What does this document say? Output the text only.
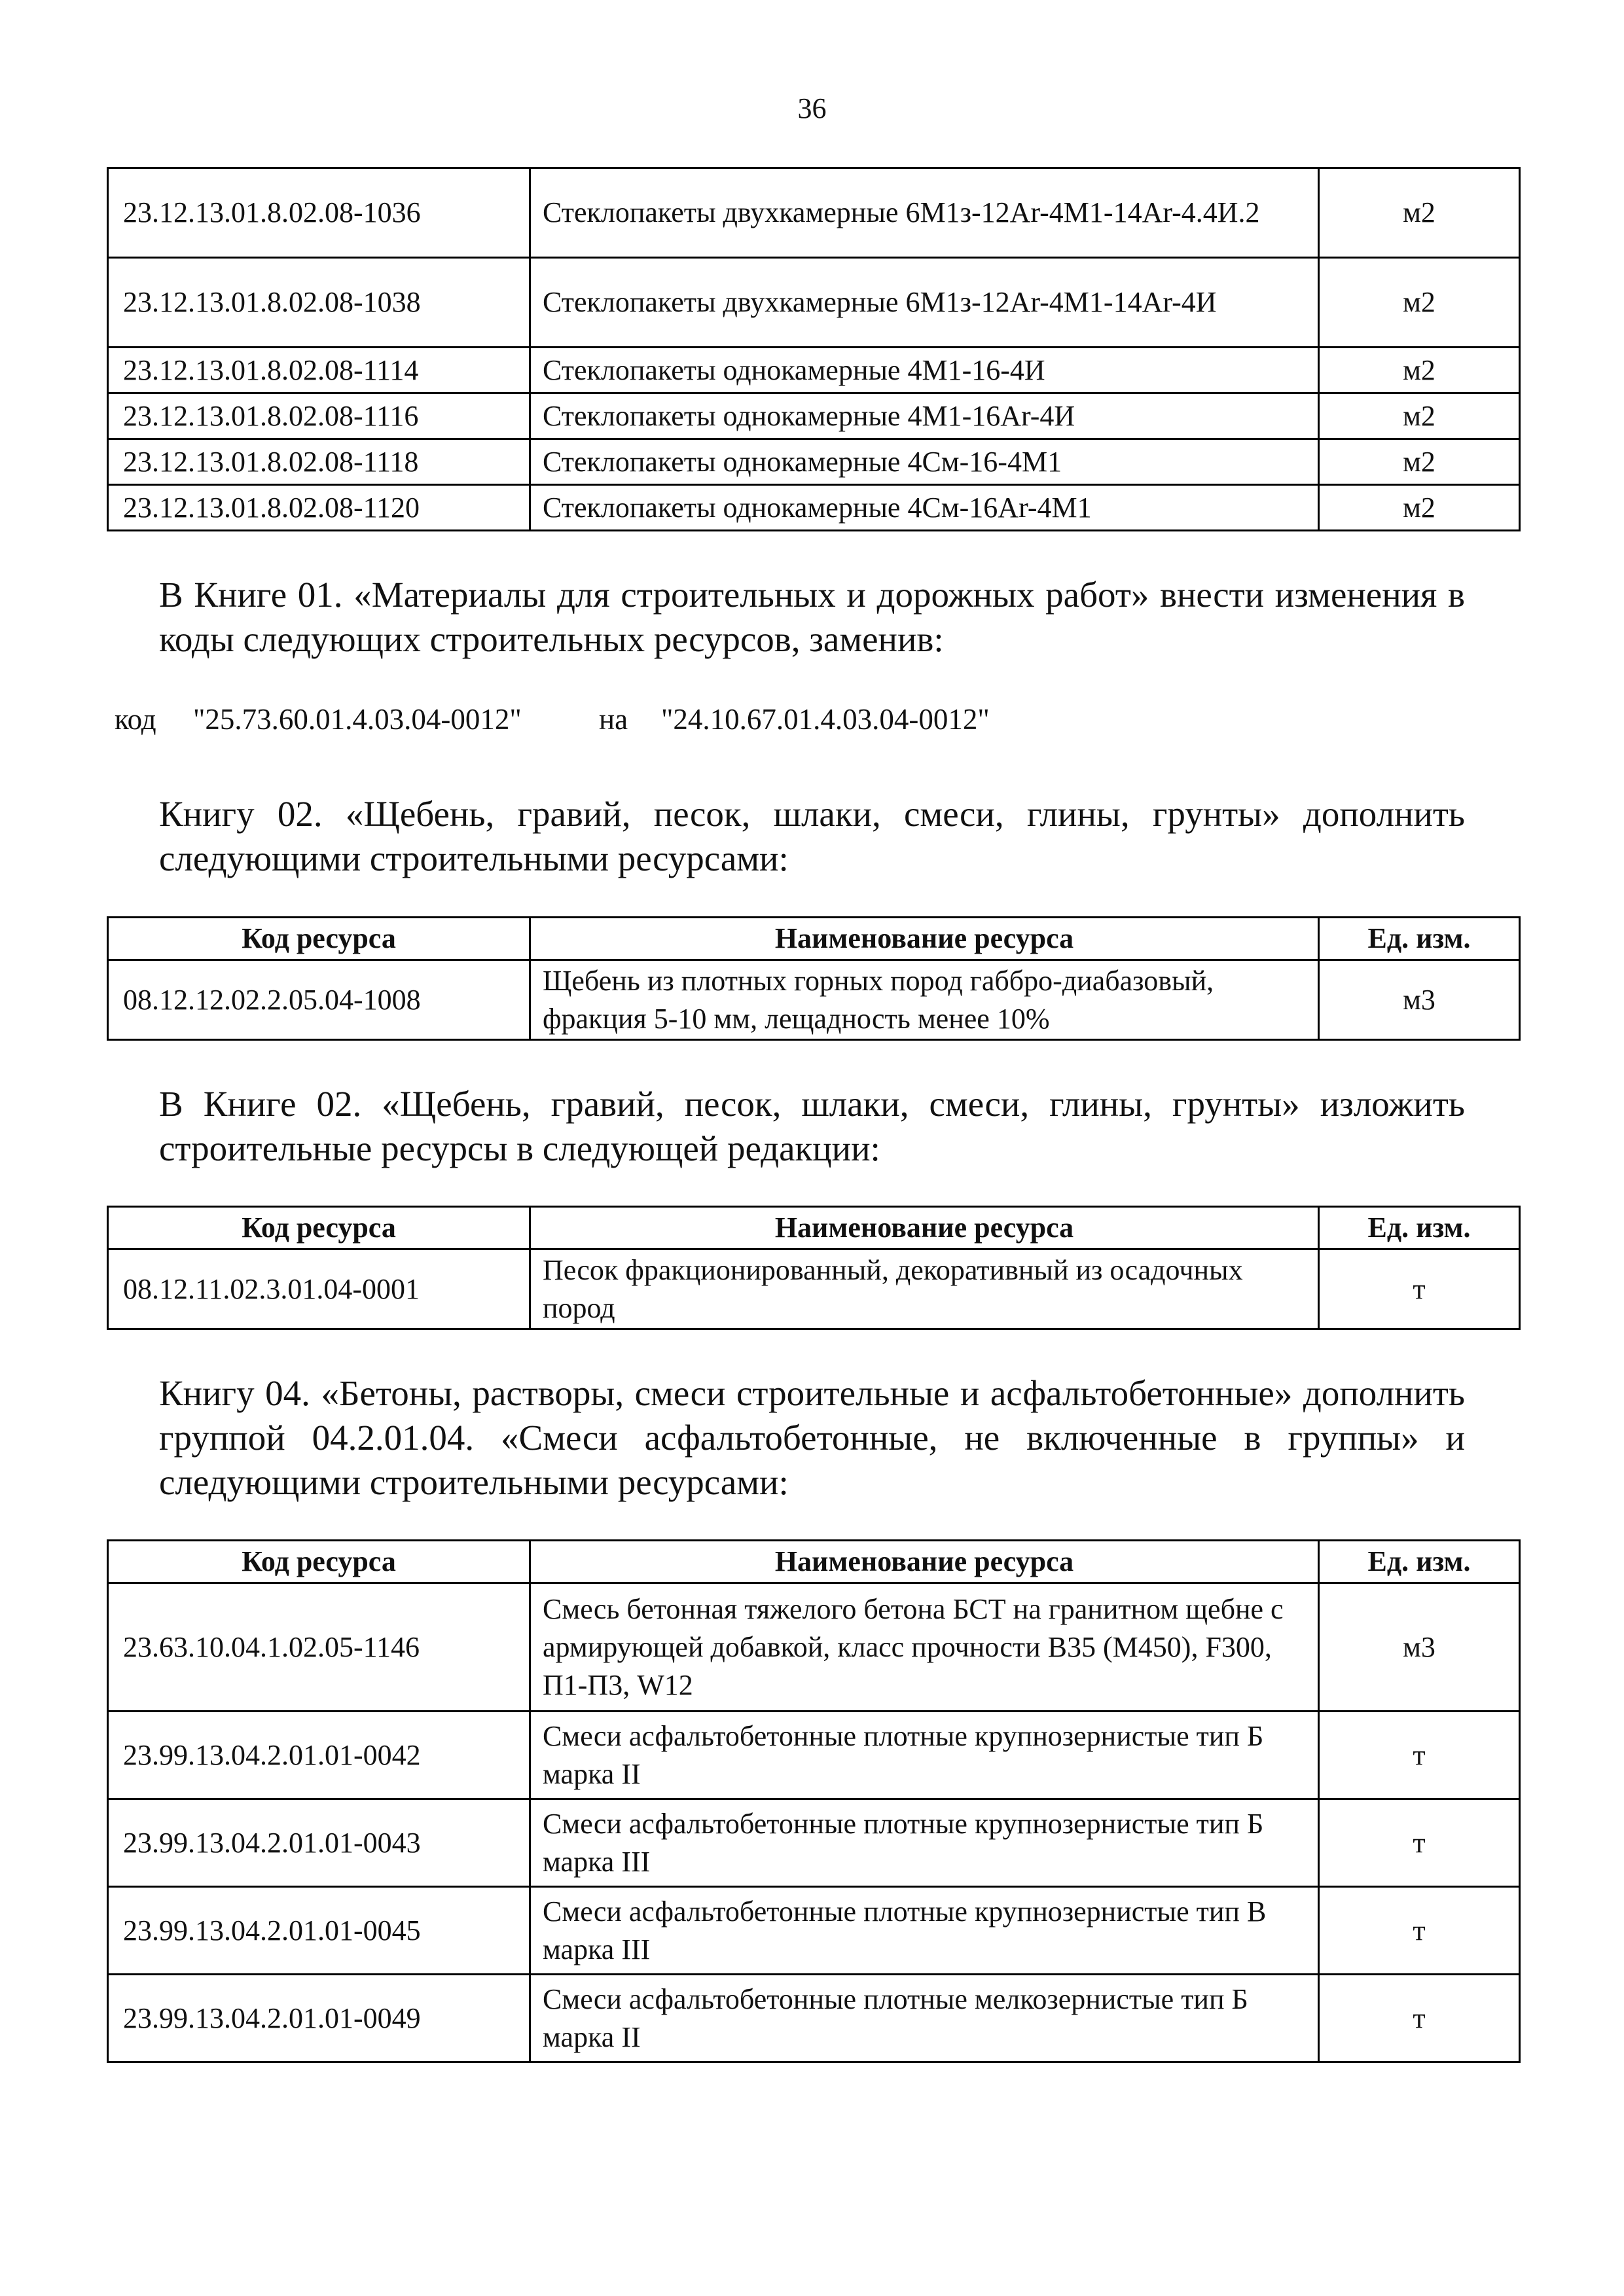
36
23.12.13.01.8.02.08-1036	Стеклопакеты двухкамерные 6М1з-12Аr-4М1-14Аr-4.4И.2	м2
23.12.13.01.8.02.08-1038	Стеклопакеты двухкамерные 6М1з-12Аr-4М1-14Аr-4И	м2
23.12.13.01.8.02.08-1114	Стеклопакеты однокамерные 4М1-16-4И	м2
23.12.13.01.8.02.08-1116	Стеклопакеты однокамерные 4М1-16Аr-4И	м2
23.12.13.01.8.02.08-1118	Стеклопакеты однокамерные 4См-16-4М1	м2
23.12.13.01.8.02.08-1120	Стеклопакеты однокамерные 4См-16Аr-4М1	м2
В Книге 01. «Материалы для строительных и дорожных работ» внести изменения в коды следующих строительных ресурсов, заменив:
код "25.73.60.01.4.03.04-0012"	на "24.10.67.01.4.03.04-0012"
Книгу 02. «Щебень, гравий, песок, шлаки, смеси, глины, грунты» дополнить следующими строительными ресурсами:
Код ресурса	Наименование ресурса	Ед. изм.
08.12.12.02.2.05.04-1008	Щебень из плотных горных пород габбро-диабазовый, фракция 5-10 мм, лещадность менее 10%	м3
В Книге 02. «Щебень, гравий, песок, шлаки, смеси, глины, грунты» изложить строительные ресурсы в следующей редакции:
Код ресурса	Наименование ресурса	Ед. изм.
08.12.11.02.3.01.04-0001	Песок фракционированный, декоративный из осадочных пород	т
Книгу 04. «Бетоны, растворы, смеси строительные и асфальтобетонные» дополнить группой 04.2.01.04. «Смеси асфальтобетонные, не включенные в группы» и следующими строительными ресурсами:
Код ресурса	Наименование ресурса	Ед. изм.
23.63.10.04.1.02.05-1146	Смесь бетонная тяжелого бетона БСТ на гранитном щебне с армирующей добавкой, класс прочности В35 (М450), F300, П1-П3, W12	м3
23.99.13.04.2.01.01-0042	Смеси асфальтобетонные плотные крупнозернистые тип Б марка II	т
23.99.13.04.2.01.01-0043	Смеси асфальтобетонные плотные крупнозернистые тип Б марка III	т
23.99.13.04.2.01.01-0045	Смеси асфальтобетонные плотные крупнозернистые тип В марка III	т
23.99.13.04.2.01.01-0049	Смеси асфальтобетонные плотные мелкозернистые тип Б марка II	т
